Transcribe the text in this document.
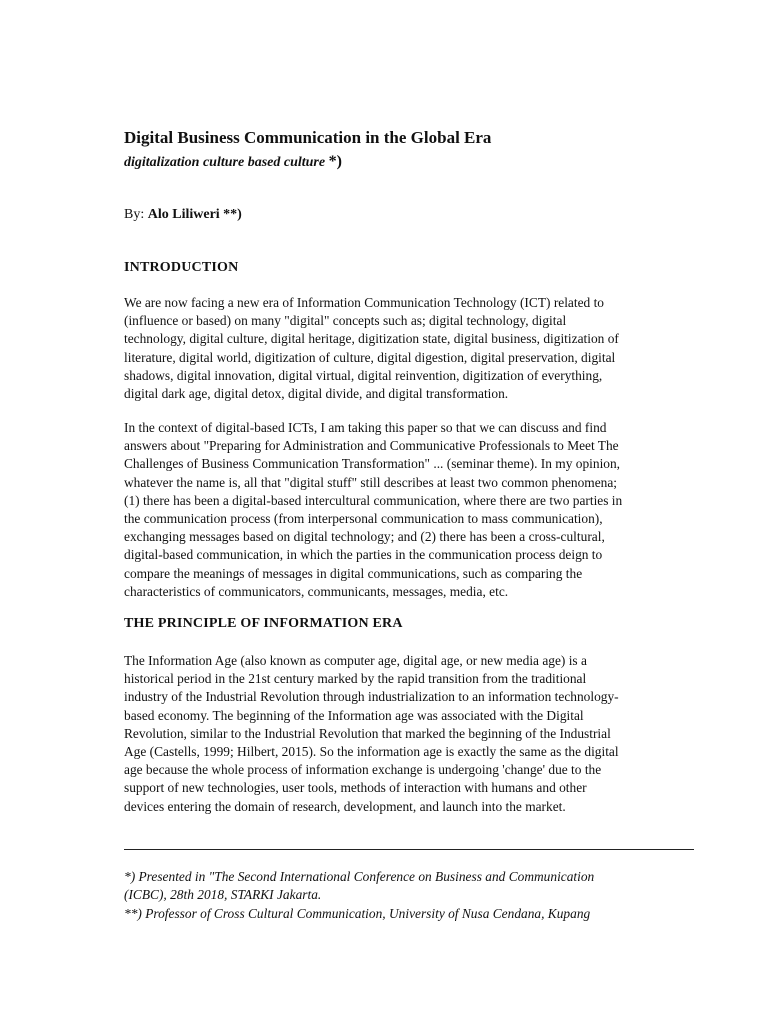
Digital Business Communication in the Global Era
digitalization culture based culture *)
By: Alo Liliweri **)
INTRODUCTION

We are now facing a new era of Information Communication Technology (ICT) related to

(influence or based) on many "digital" concepts such as; digital technology, digital

technology, digital culture, digital heritage, digitization state, digital business, digitization of

literature, digital world, digitization of culture, digital digestion, digital preservation, digital

shadows, digital innovation, digital virtual, digital reinvention, digitization of everything,

digital dark age, digital detox, digital divide, and digital transformation.

In the context of digital-based ICTs, I am taking this paper so that we can discuss and find

answers about "Preparing for Administration and Communicative Professionals to Meet The

Challenges of Business Communication Transformation" ... (seminar theme). In my opinion,

whatever the name is, all that "digital stuff" still describes at least two common phenomena;

(1) there has been a digital-based intercultural communication, where there are two parties in

the communication process (from interpersonal communication to mass communication),

exchanging messages based on digital technology; and (2) there has been a cross-cultural,

digital-based communication, in which the parties in the communication process deign to

compare the meanings of messages in digital communications, such as comparing the

characteristics of communicators, communicants, messages, media, etc.

THE PRINCIPLE OF INFORMATION ERA

The Information Age (also known as computer age, digital age, or new media age) is a

historical period in the 21st century marked by the rapid transition from the traditional

industry of the Industrial Revolution through industrialization to an information technology-

based economy. The beginning of the Information age was associated with the Digital

Revolution, similar to the Industrial Revolution that marked the beginning of the Industrial

Age (Castells, 1999; Hilbert, 2015). So the information age is exactly the same as the digital

age because the whole process of information exchange is undergoing 'change' due to the

support of new technologies, user tools, methods of interaction with humans and other

devices entering the domain of research, development, and launch into the market.

*) Presented in "The Second International Conference on Business and Communication

(ICBC), 28th 2018, STARKI Jakarta.

**) Professor of Cross Cultural Communication, University of Nusa Cendana, Kupang
